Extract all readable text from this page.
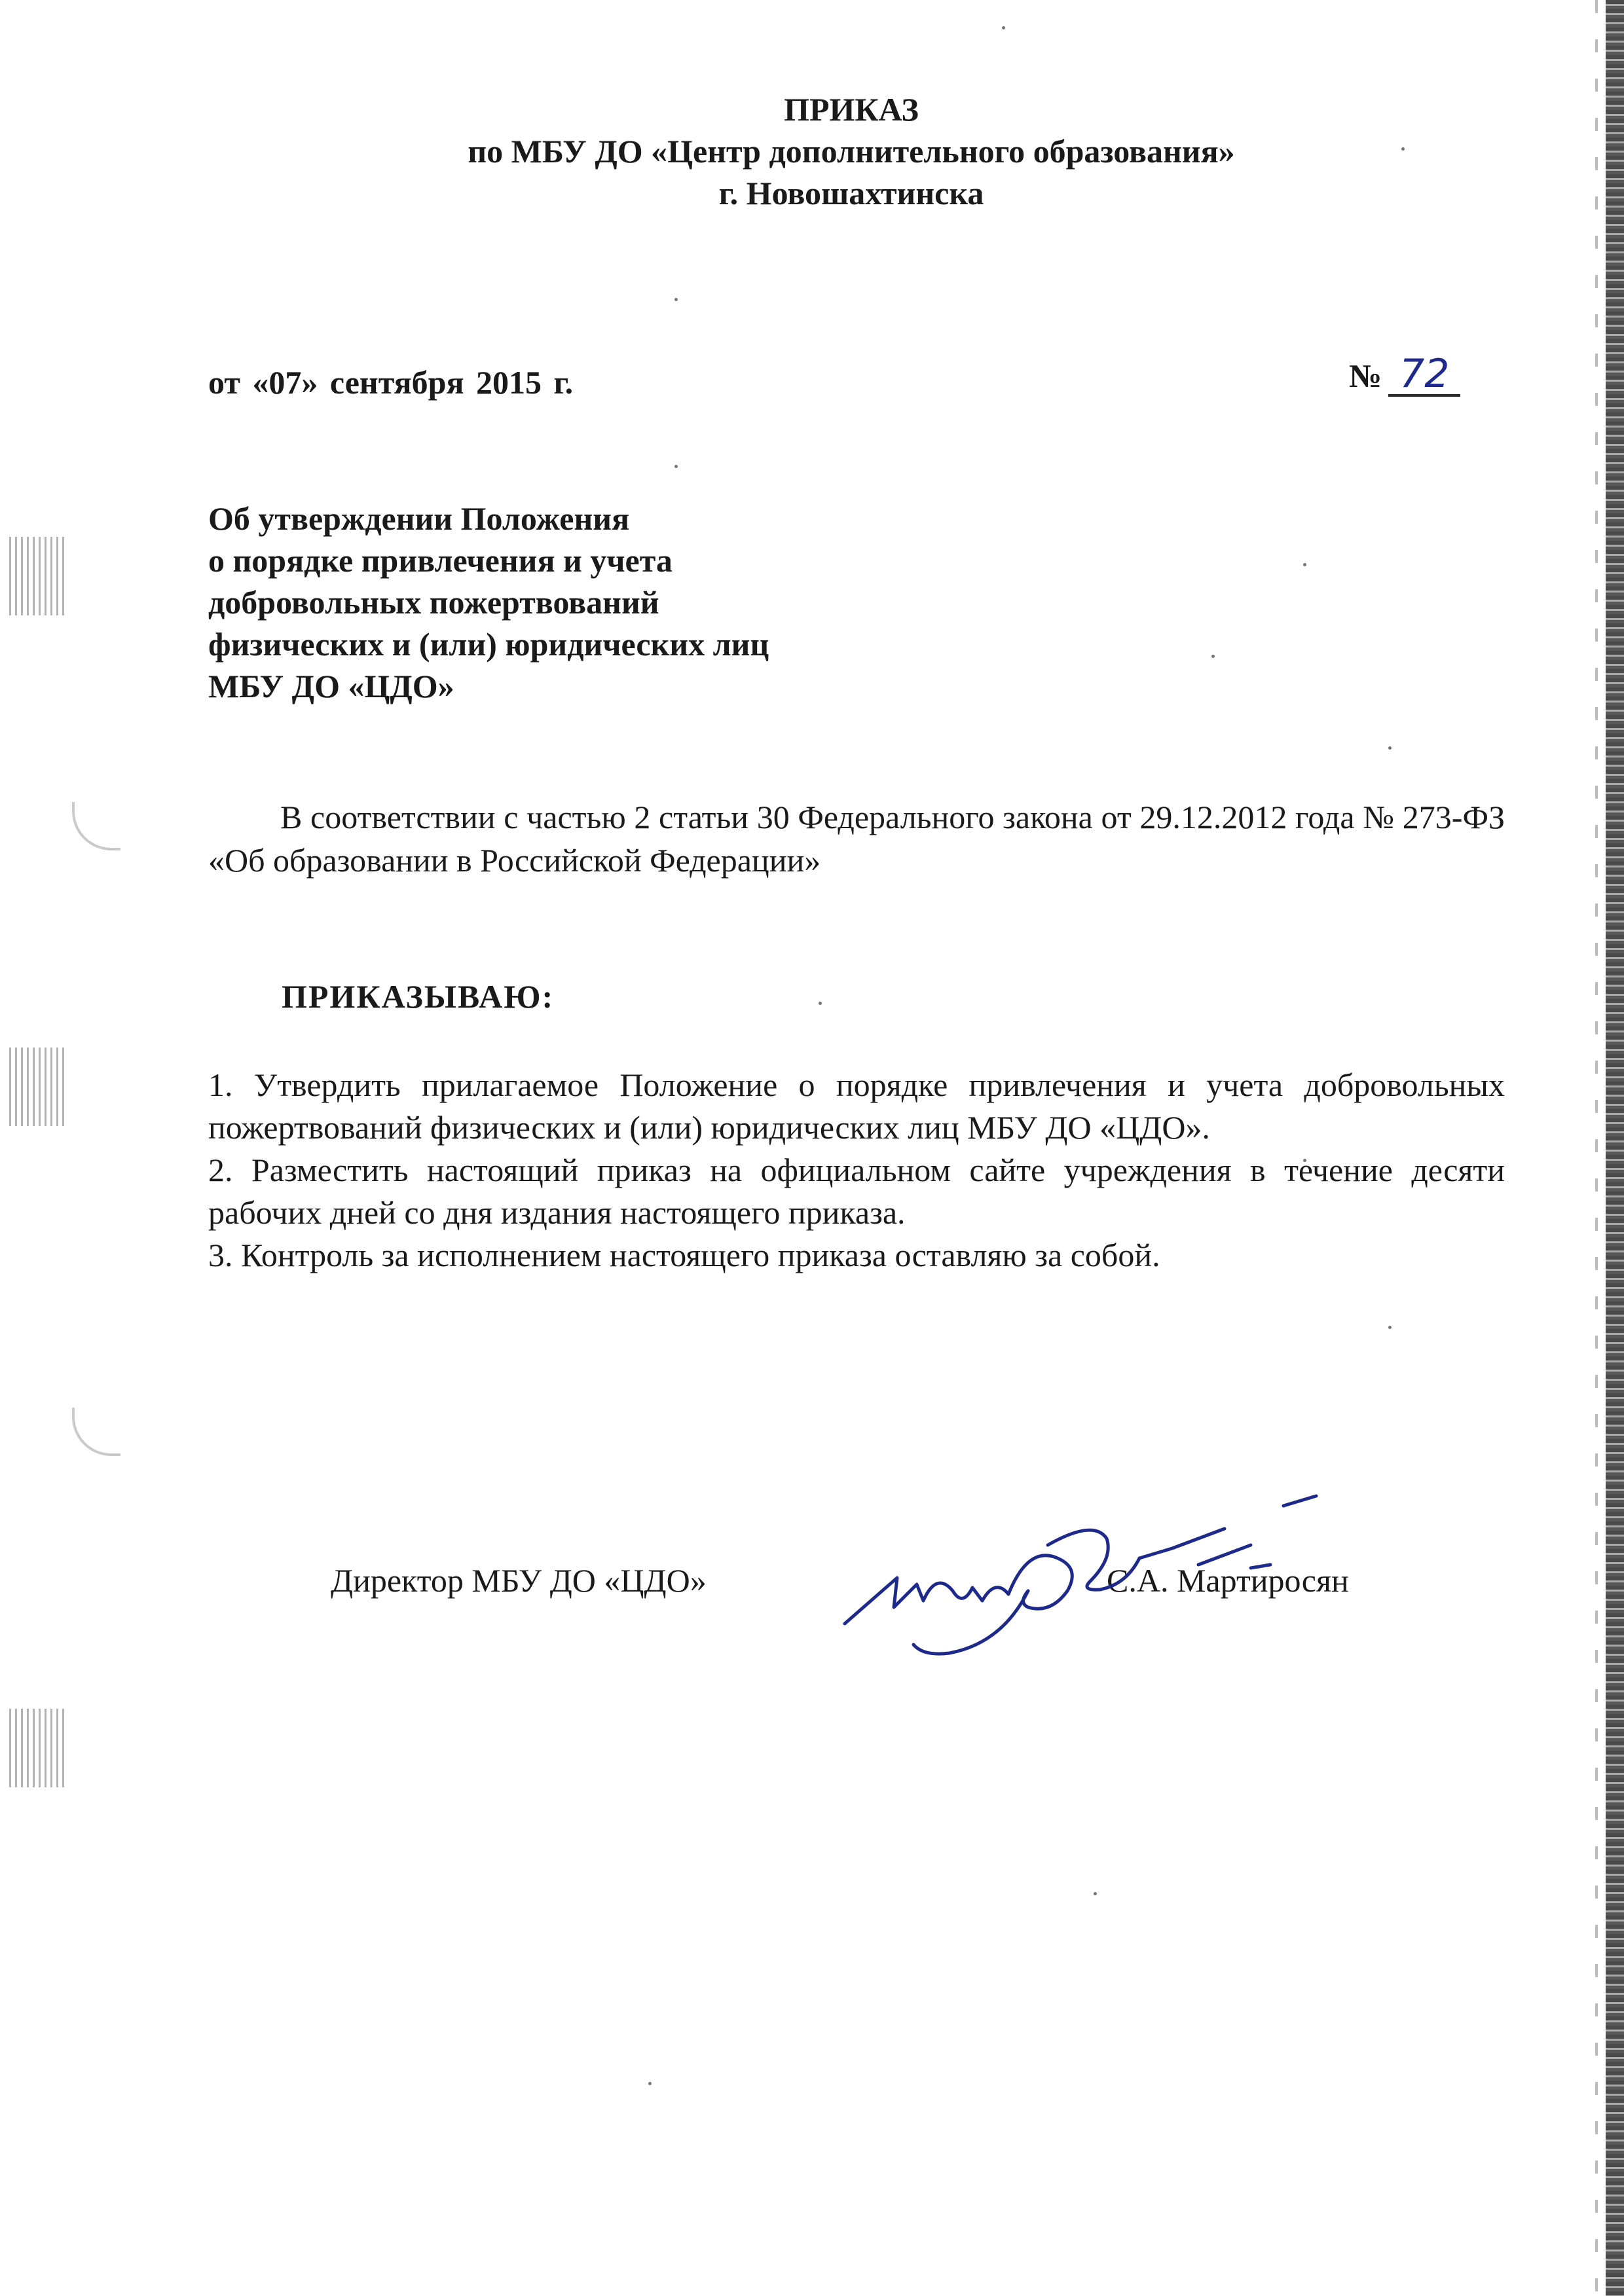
ПРИКАЗ
по МБУ ДО «Центр дополнительного образования»
г. Новошахтинска
от «07» сентября 2015 г.	№ 72
Об утверждении Положения
о порядке привлечения и учета
добровольных пожертвований
физических и (или) юридических лиц
МБУ ДО «ЦДО»
В соответствии с частью 2 статьи 30 Федерального закона от 29.12.2012 года № 273-ФЗ «Об образовании в Российской Федерации»
ПРИКАЗЫВАЮ:
1. Утвердить прилагаемое Положение о порядке привлечения и учета добровольных пожертвований физических и (или) юридических лиц МБУ ДО «ЦДО».
2. Разместить настоящий приказ на официальном сайте учреждения в течение десяти рабочих дней со дня издания настоящего приказа.
3. Контроль за исполнением настоящего приказа оставляю за собой.
Директор МБУ ДО «ЦДО»	С.А. Мартиросян
